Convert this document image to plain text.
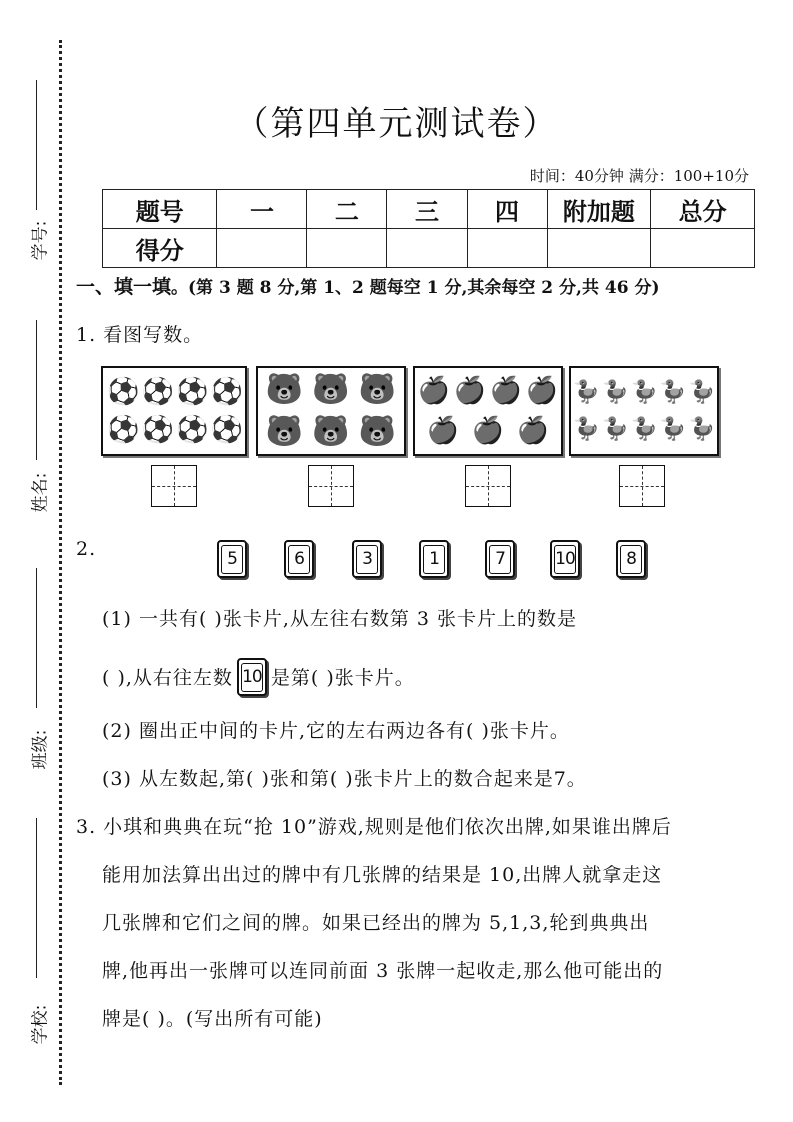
学号:
姓名:
班级:
学校:
（第四单元测试卷）
时间：40分钟 满分：100+10分
题号	一	二	三	四	附加题	总分
得分						
一、填一填。(第 3 题 8 分,第 1、2 题每空 1 分,其余每空 2 分,共 46 分)
1. 看图写数。
⚽ ⚽ ⚽ ⚽
⚽ ⚽ ⚽ ⚽
🐻 🐻 🐻
🐻 🐻 🐻
🍎 🍎 🍎 🍎
🍎 🍎 🍎
🦆 🦆 🦆 🦆 🦆
🦆 🦆 🦆 🦆 🦆
2.	5	6	3	1	7	10	8
(1) 一共有( )张卡片,从左往右数第 3 张卡片上的数是
( ),从右往左数 10 是第( )张卡片。
(2) 圈出正中间的卡片,它的左右两边各有( )张卡片。
(3) 从左数起,第( )张和第( )张卡片上的数合起来是7。
3. 小琪和典典在玩“抢 10”游戏,规则是他们依次出牌,如果谁出牌后
能用加法算出出过的牌中有几张牌的结果是 10,出牌人就拿走这
几张牌和它们之间的牌。如果已经出的牌为 5,1,3,轮到典典出
牌,他再出一张牌可以连同前面 3 张牌一起收走,那么他可能出的
牌是( )。(写出所有可能)
